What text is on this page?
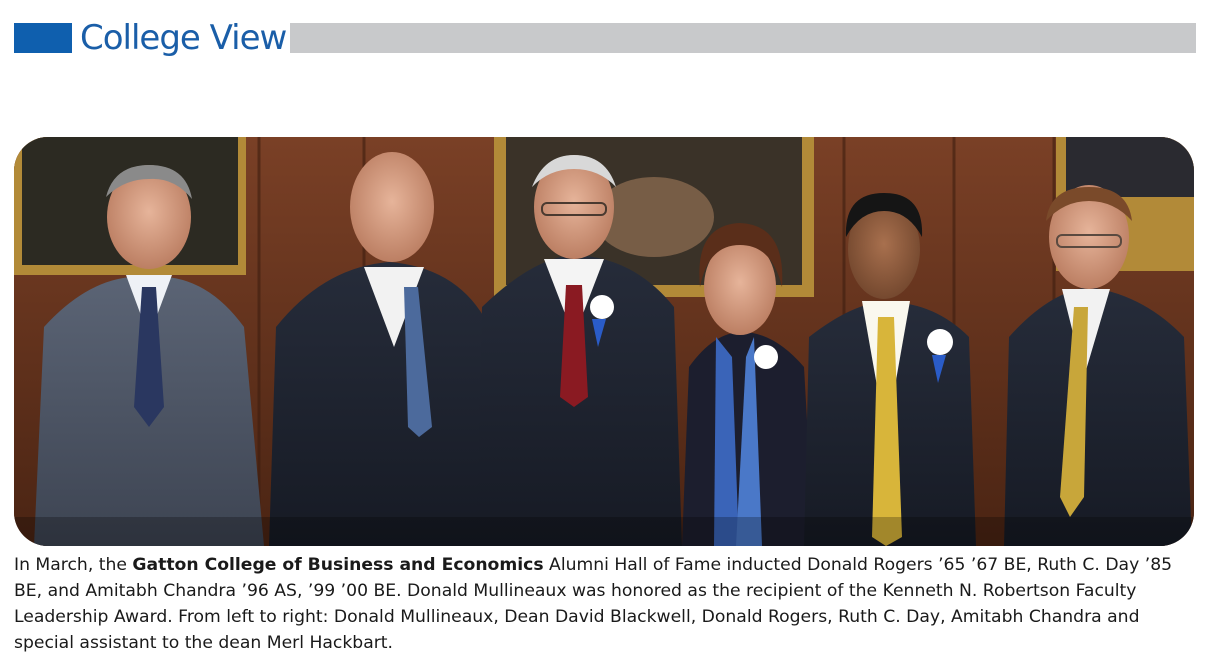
College View

In March, the Gatton College of Business and Economics Alumni Hall of Fame inducted Donald Rogers ’65 ’67 BE, Ruth C. Day ’85 BE, and Amitabh Chandra ’96 AS, ’99 ’00 BE. Donald Mullineaux was honored as the recipient of the Kenneth N. Robertson Faculty Leadership Award. From left to right: Donald Mullineaux, Dean David Blackwell, Donald Rogers, Ruth C. Day, Amitabh Chandra and special assistant to the dean Merl Hackbart.
